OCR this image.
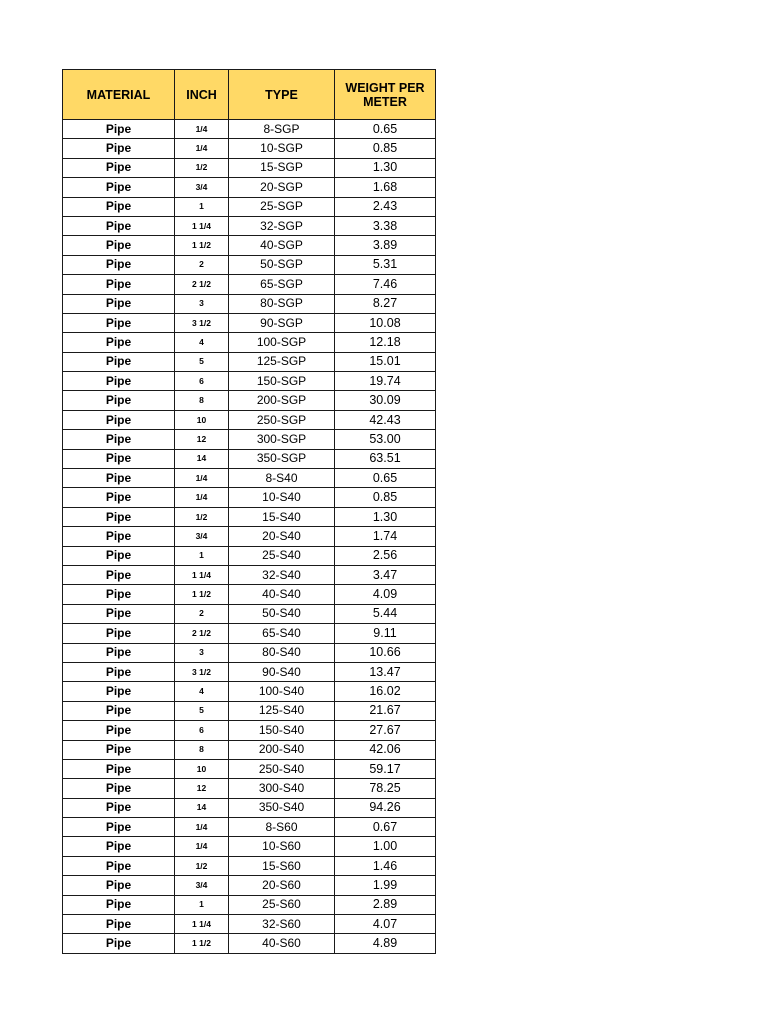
MATERIAL	INCH	TYPE	WEIGHT PER METER
Pipe	1/4	8-SGP	0.65
Pipe	1/4	10-SGP	0.85
Pipe	1/2	15-SGP	1.30
Pipe	3/4	20-SGP	1.68
Pipe	1	25-SGP	2.43
Pipe	1 1/4	32-SGP	3.38
Pipe	1 1/2	40-SGP	3.89
Pipe	2	50-SGP	5.31
Pipe	2 1/2	65-SGP	7.46
Pipe	3	80-SGP	8.27
Pipe	3 1/2	90-SGP	10.08
Pipe	4	100-SGP	12.18
Pipe	5	125-SGP	15.01
Pipe	6	150-SGP	19.74
Pipe	8	200-SGP	30.09
Pipe	10	250-SGP	42.43
Pipe	12	300-SGP	53.00
Pipe	14	350-SGP	63.51
Pipe	1/4	8-S40	0.65
Pipe	1/4	10-S40	0.85
Pipe	1/2	15-S40	1.30
Pipe	3/4	20-S40	1.74
Pipe	1	25-S40	2.56
Pipe	1 1/4	32-S40	3.47
Pipe	1 1/2	40-S40	4.09
Pipe	2	50-S40	5.44
Pipe	2 1/2	65-S40	9.11
Pipe	3	80-S40	10.66
Pipe	3 1/2	90-S40	13.47
Pipe	4	100-S40	16.02
Pipe	5	125-S40	21.67
Pipe	6	150-S40	27.67
Pipe	8	200-S40	42.06
Pipe	10	250-S40	59.17
Pipe	12	300-S40	78.25
Pipe	14	350-S40	94.26
Pipe	1/4	8-S60	0.67
Pipe	1/4	10-S60	1.00
Pipe	1/2	15-S60	1.46
Pipe	3/4	20-S60	1.99
Pipe	1	25-S60	2.89
Pipe	1 1/4	32-S60	4.07
Pipe	1 1/2	40-S60	4.89
